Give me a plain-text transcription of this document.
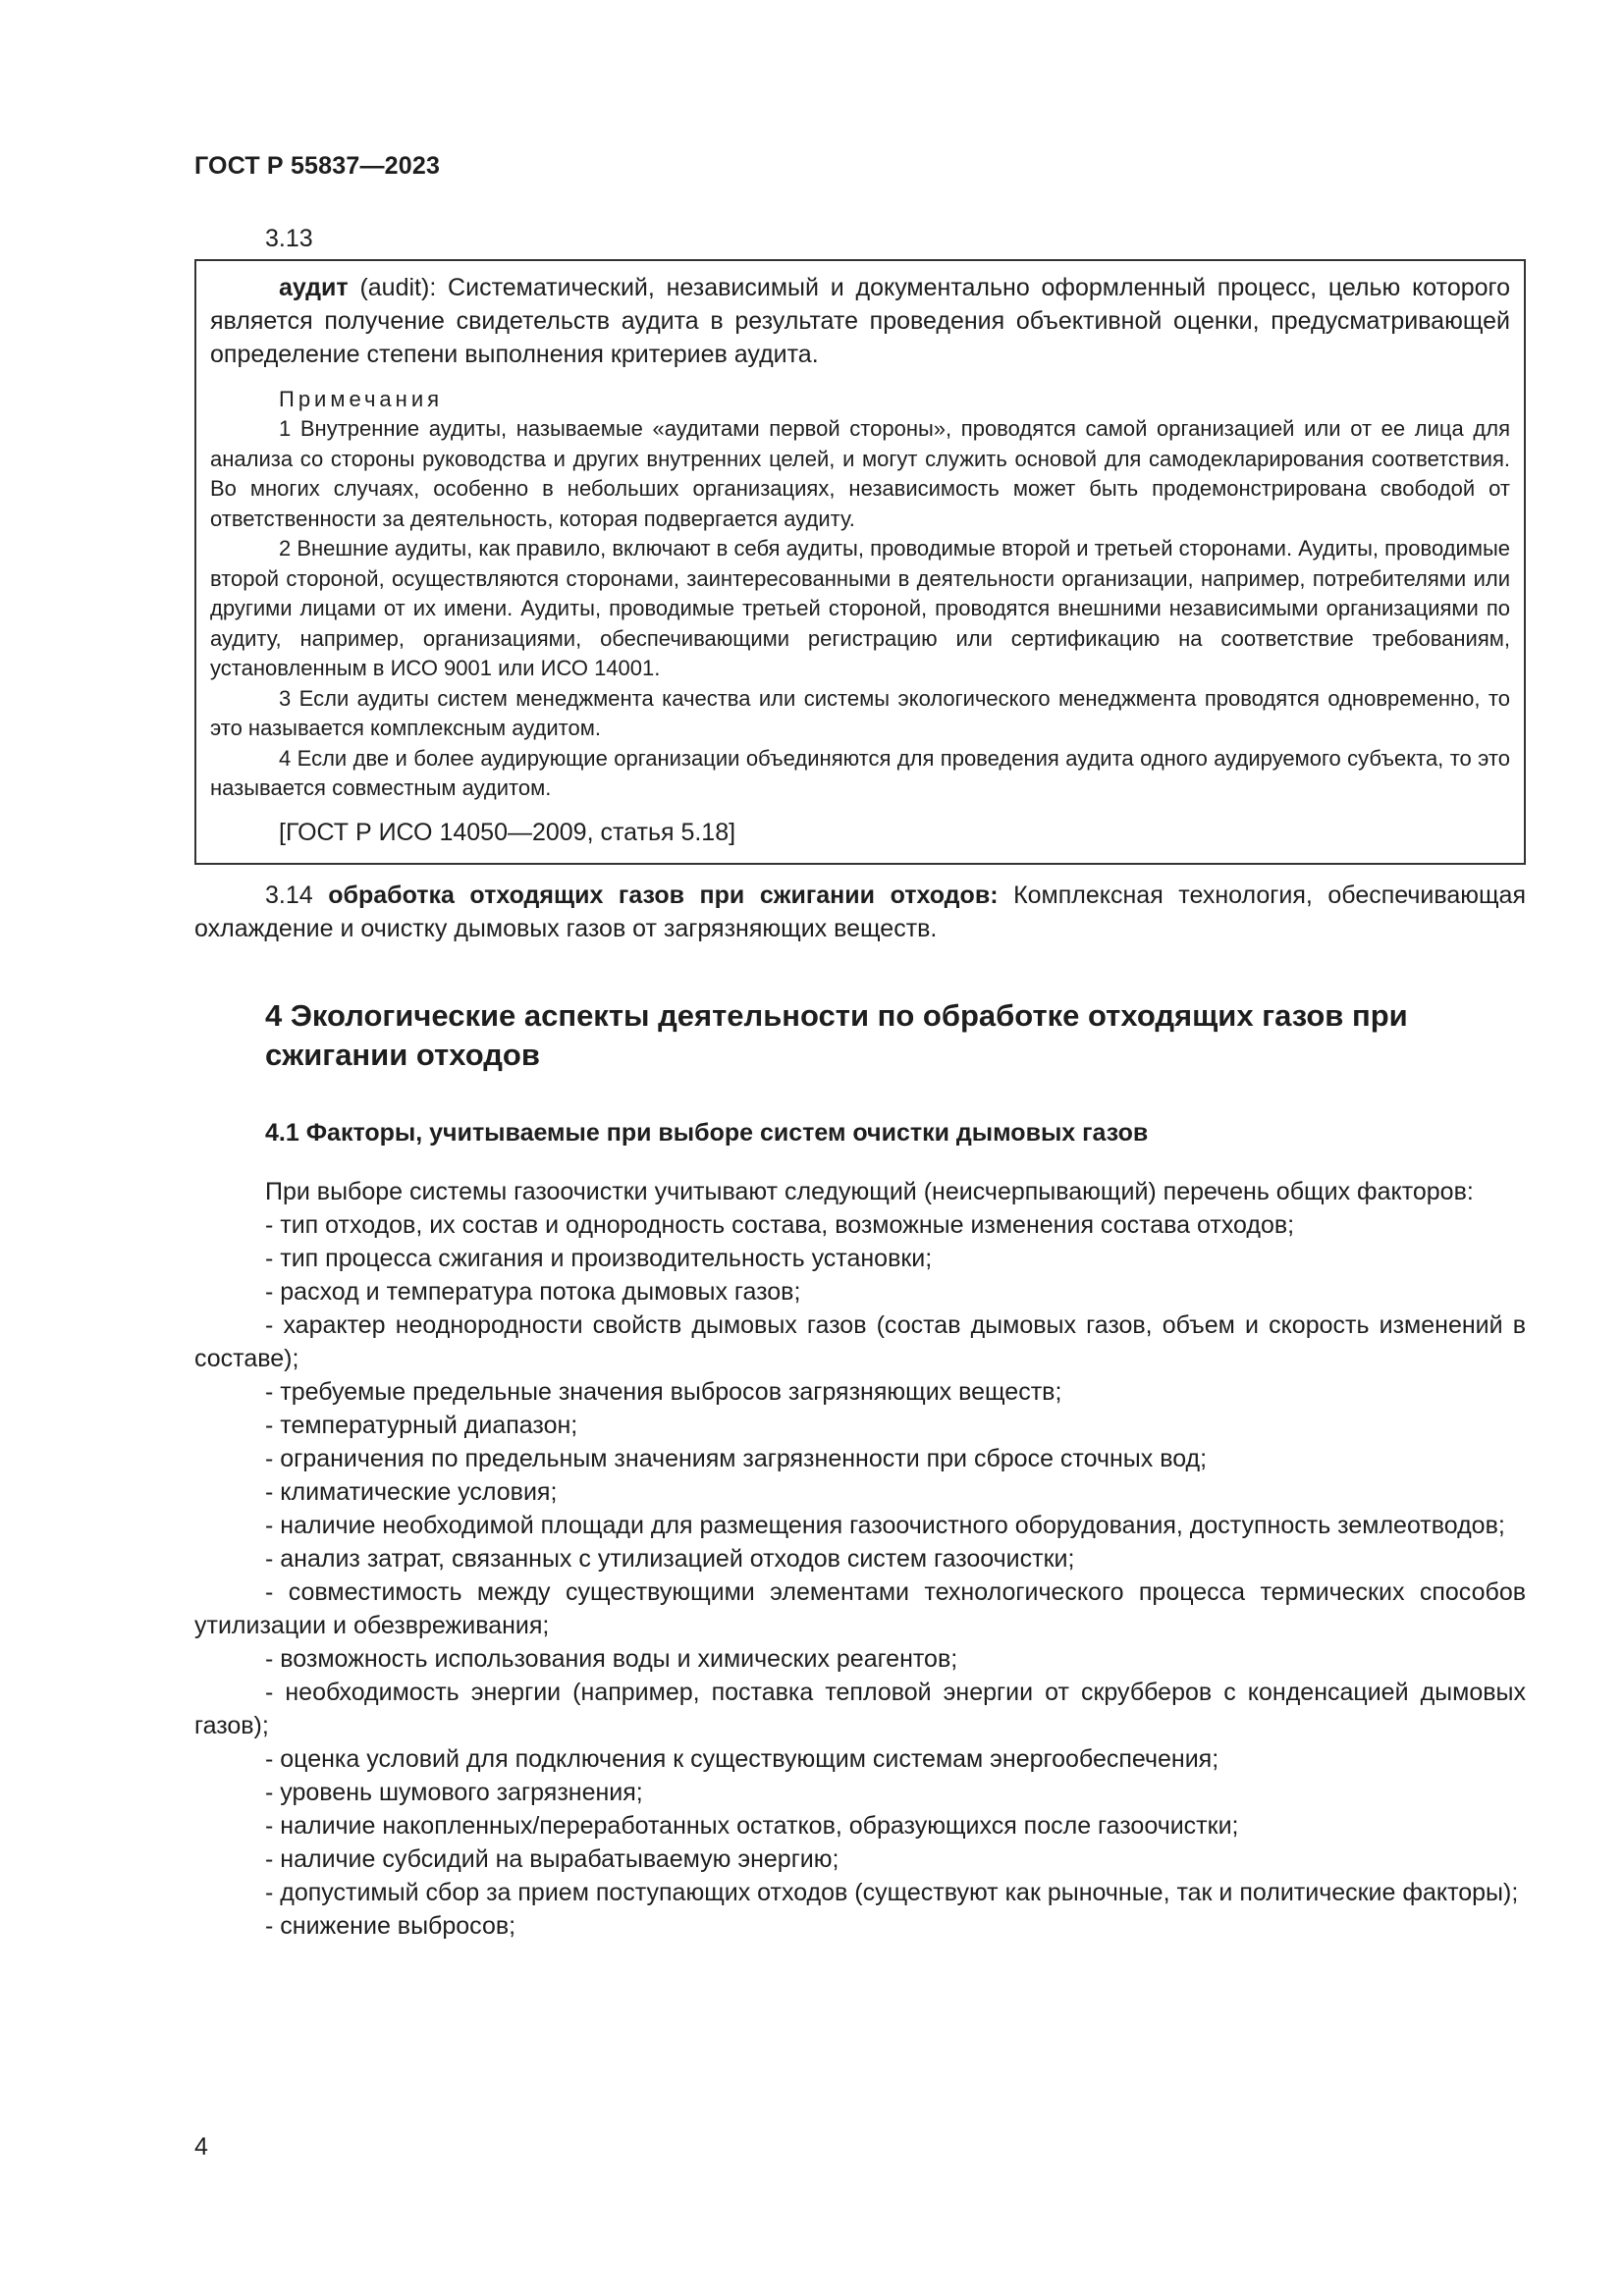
ГОСТ Р 55837—2023
3.13

аудит (audit): Систематический, независимый и документально оформленный процесс, целью которого является получение свидетельств аудита в результате проведения объективной оценки, предусматривающей определение степени выполнения критериев аудита.

Примечания

1 Внутренние аудиты, называемые «аудитами первой стороны», проводятся самой организацией или от ее лица для анализа со стороны руководства и других внутренних целей, и могут служить основой для самодекларирования соответствия. Во многих случаях, особенно в небольших организациях, независимость может быть продемонстрирована свободой от ответственности за деятельность, которая подвергается аудиту.

2 Внешние аудиты, как правило, включают в себя аудиты, проводимые второй и третьей сторонами. Аудиты, проводимые второй стороной, осуществляются сторонами, заинтересованными в деятельности организации, например, потребителями или другими лицами от их имени. Аудиты, проводимые третьей стороной, проводятся внешними независимыми организациями по аудиту, например, организациями, обеспечивающими регистрацию или сертификацию на соответствие требованиям, установленным в ИСО 9001 или ИСО 14001.

3 Если аудиты систем менеджмента качества или системы экологического менеджмента проводятся одновременно, то это называется комплексным аудитом.

4 Если две и более аудирующие организации объединяются для проведения аудита одного аудируемого субъекта, то это называется совместным аудитом.

[ГОСТ Р ИСО 14050—2009, статья 5.18]

3.14 обработка отходящих газов при сжигании отходов: Комплексная технология, обеспечивающая охлаждение и очистку дымовых газов от загрязняющих веществ.

4 Экологические аспекты деятельности по обработке отходящих газов при сжигании отходов
4.1 Факторы, учитываемые при выборе систем очистки дымовых газов

При выборе системы газоочистки учитывают следующий (неисчерпывающий) перечень общих факторов:

- тип отходов, их состав и однородность состава, возможные изменения состава отходов;
- тип процесса сжигания и производительность установки;
- расход и температура потока дымовых газов;
- характер неоднородности свойств дымовых газов (состав дымовых газов, объем и скорость изменений в составе);
- требуемые предельные значения выбросов загрязняющих веществ;
- температурный диапазон;
- ограничения по предельным значениям загрязненности при сбросе сточных вод;
- климатические условия;
- наличие необходимой площади для размещения газоочистного оборудования, доступность землеотводов;
- анализ затрат, связанных с утилизацией отходов систем газоочистки;
- совместимость между существующими элементами технологического процесса термических способов утилизации и обезвреживания;
- возможность использования воды и химических реагентов;
- необходимость энергии (например, поставка тепловой энергии от скрубберов с конденсацией дымовых газов);
- оценка условий для подключения к существующим системам энергообеспечения;
- уровень шумового загрязнения;
- наличие накопленных/переработанных остатков, образующихся после газоочистки;
- наличие субсидий на вырабатываемую энергию;
- допустимый сбор за прием поступающих отходов (существуют как рыночные, так и политические факторы);
- снижение выбросов;
4
